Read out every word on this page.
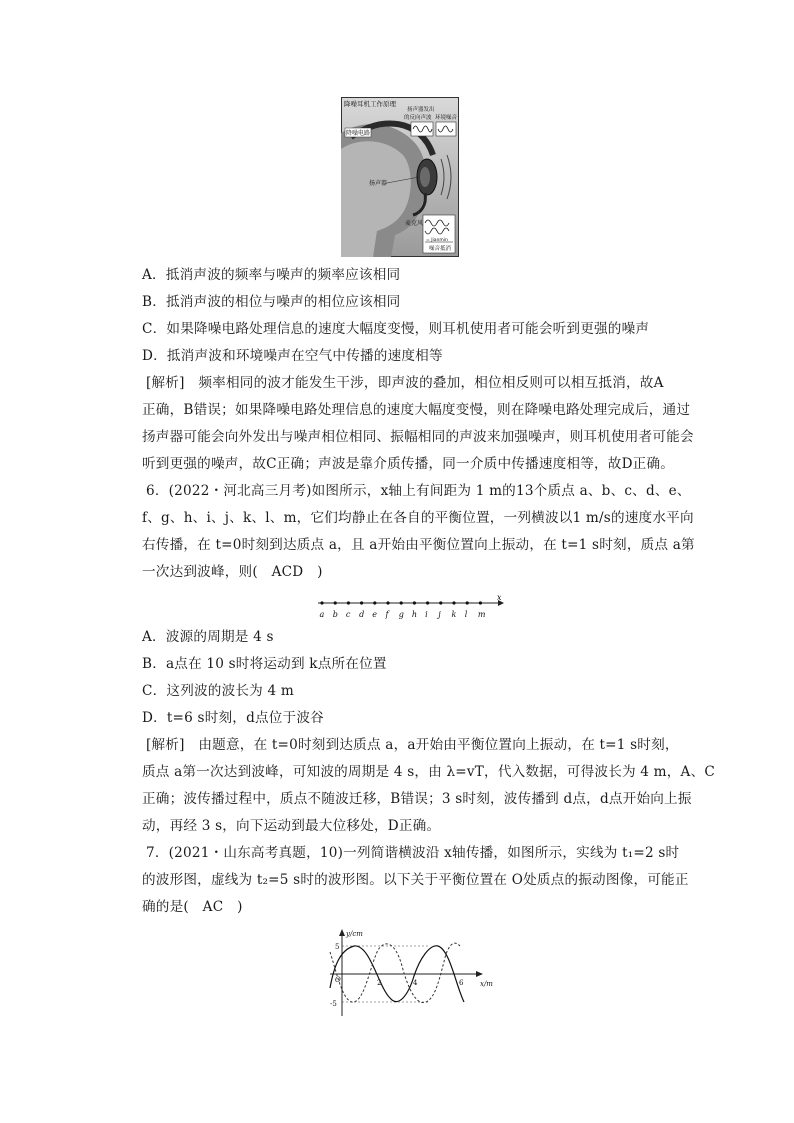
降噪耳机工作原理
降噪电路
扬声器发出
的反向声波 环境噪音
扬声器
麦克风
= Jianmin
噪音抵消
A．抵消声波的频率与噪声的频率应该相同
B．抵消声波的相位与噪声的相位应该相同
C．如果降噪电路处理信息的速度大幅度变慢，则耳机使用者可能会听到更强的噪声
D．抵消声波和环境噪声在空气中传播的速度相等
[解析]　频率相同的波才能发生干涉，即声波的叠加，相位相反则可以相互抵消，故A
正确，B错误；如果降噪电路处理信息的速度大幅度变慢，则在降噪电路处理完成后，通过
扬声器可能会向外发出与噪声相位相同、振幅相同的声波来加强噪声，则耳机使用者可能会
听到更强的噪声，故C正确；声波是靠介质传播，同一介质中传播速度相等，故D正确。
6．(2022・河北高三月考)如图所示，x轴上有间距为 1 m的13个质点 a、b、c、d、e、
f、g、h、i、j、k、l、m，它们均静止在各自的平衡位置，一列横波以1 m/s的速度水平向
右传播，在 t=0时刻到达质点 a，且 a开始由平衡位置向上振动，在 t=1 s时刻，质点 a第
一次达到波峰，则(　ACD　)
x
a b c d e f g h i j k l m
A．波源的周期是 4 s
B．a点在 10 s时将运动到 k点所在位置
C．这列波的波长为 4 m
D．t=6 s时刻，d点位于波谷
[解析]　由题意，在 t=0时刻到达质点 a，a开始由平衡位置向上振动，在 t=1 s时刻，
质点 a第一次达到波峰，可知波的周期是 4 s，由 λ=vT，代入数据，可得波长为 4 m，A、C
正确；波传播过程中，质点不随波迁移，B错误；3 s时刻，波传播到 d点，d点开始向上振
动，再经 3 s，向下运动到最大位移处，D正确。
7．(2021・山东高考真题，10)一列简谐横波沿 x轴传播，如图所示，实线为 t₁=2 s时
的波形图，虚线为 t₂=5 s时的波形图。以下关于平衡位置在 O处质点的振动图像，可能正
确的是(　AC　)
y/cm
x/m
O
5
-5
2	4	6
